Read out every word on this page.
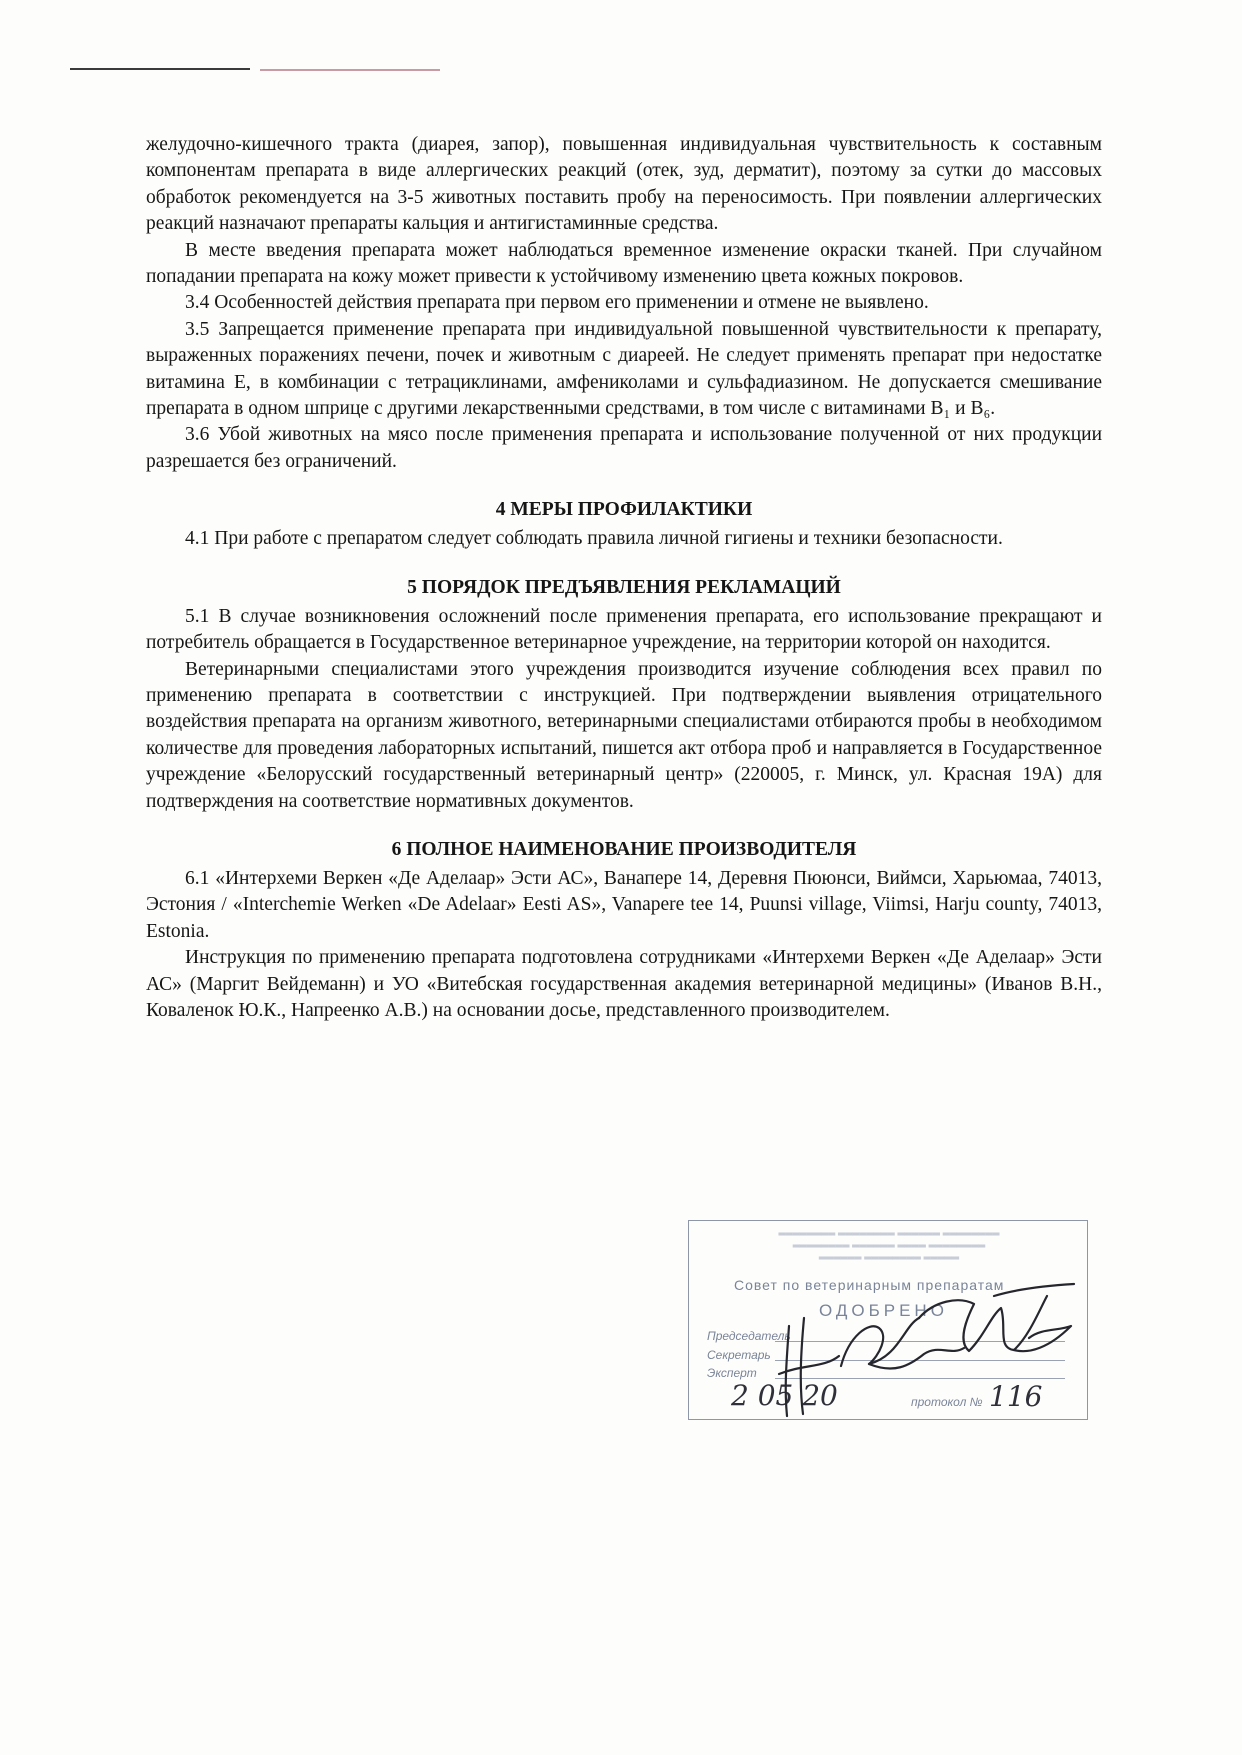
желудочно-кишечного тракта (диарея, запор), повышенная индивидуальная чувствительность к составным компонентам препарата в виде аллергических реакций (отек, зуд, дерматит), поэтому за сутки до массовых обработок рекомендуется на 3-5 животных поставить пробу на переносимость. При появлении аллергических реакций назначают препараты кальция и антигистаминные средства.

В месте введения препарата может наблюдаться временное изменение окраски тканей. При случайном попадании препарата на кожу может привести к устойчивому изменению цвета кожных покровов.

3.4 Особенностей действия препарата при первом его применении и отмене не выявлено.

3.5 Запрещается применение препарата при индивидуальной повышенной чувствительности к препарату, выраженных поражениях печени, почек и животным с диареей. Не следует применять препарат при недостатке витамина Е, в комбинации с тетрациклинами, амфениколами и сульфадиазином. Не допускается смешивание препарата в одном шприце с другими лекарственными средствами, в том числе с витаминами B₁ и B₆.

3.6 Убой животных на мясо после применения препарата и использование полученной от них продукции разрешается без ограничений.

4 МЕРЫ ПРОФИЛАКТИКИ

4.1 При работе с препаратом следует соблюдать правила личной гигиены и техники безопасности.

5 ПОРЯДОК ПРЕДЪЯВЛЕНИЯ РЕКЛАМАЦИЙ

5.1 В случае возникновения осложнений после применения препарата, его использование прекращают и потребитель обращается в Государственное ветеринарное учреждение, на территории которой он находится.

Ветеринарными специалистами этого учреждения производится изучение соблюдения всех правил по применению препарата в соответствии с инструкцией. При подтверждении выявления отрицательного воздействия препарата на организм животного, ветеринарными специалистами отбираются пробы в необходимом количестве для проведения лабораторных испытаний, пишется акт отбора проб и направляется в Государственное учреждение «Белорусский государственный ветеринарный центр» (220005, г. Минск, ул. Красная 19А) для подтверждения на соответствие нормативных документов.

6 ПОЛНОЕ НАИМЕНОВАНИЕ ПРОИЗВОДИТЕЛЯ

6.1 «Интерхеми Веркен «Де Аделаар» Эсти АС», Ванапере 14, Деревня Пююнси, Виймси, Харьюмаа, 74013, Эстония / «Interchemie Werken «De Adelaar» Eesti AS», Vanapere tee 14, Puunsi village, Viimsi, Harju county, 74013, Estonia.

Инструкция по применению препарата подготовлена сотрудниками «Интерхеми Веркен «Де Аделаар» Эсти АС» (Маргит Вейдеманн) и УО «Витебская государственная академия ветеринарной медицины» (Иванов В.Н., Коваленок Ю.К., Напреенко А.В.) на основании досье, представленного производителем.

════════ ════════ ══════ ════════
════════ ══════ ════ ════════
══════ ════════ ═════
Совет по ветеринарным препаратам
ОДОБРЕНО
Председатель
Секретарь
Эксперт
2 05 20	протокол № 116
